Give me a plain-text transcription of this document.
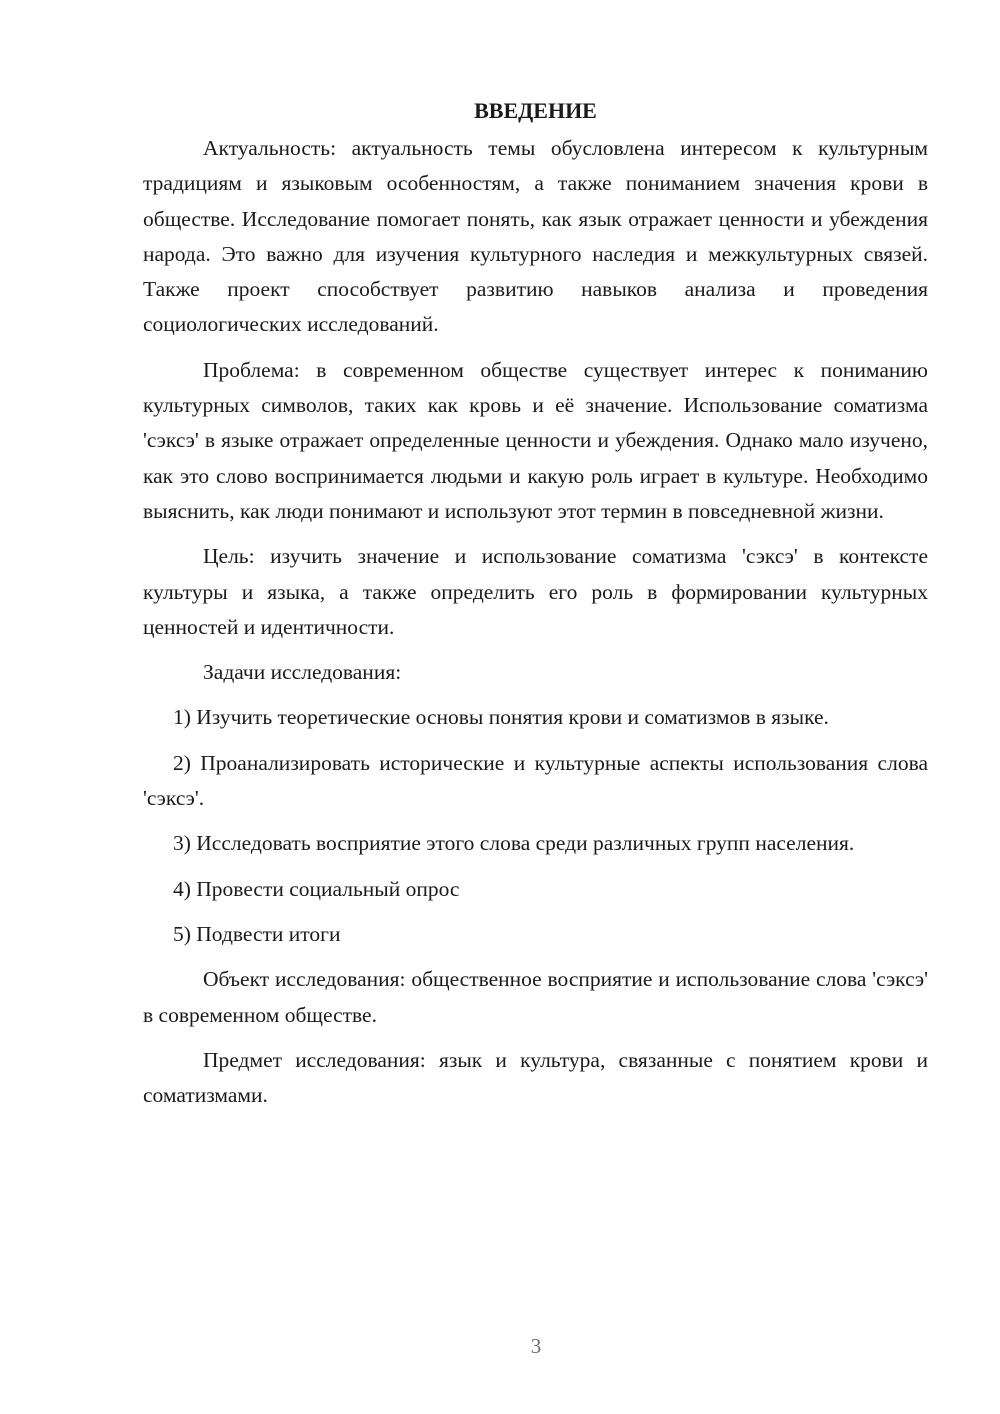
ВВЕДЕНИЕ

Актуальность: актуальность темы обусловлена интересом к культурным традициям и языковым особенностям, а также пониманием значения крови в обществе. Исследование помогает понять, как язык отражает ценности и убеждения народа. Это важно для изучения культурного наследия и межкультурных связей. Также проект способствует развитию навыков анализа и проведения социологических исследований.

Проблема: в современном обществе существует интерес к пониманию культурных символов, таких как кровь и её значение. Использование соматизма 'сэксэ' в языке отражает определенные ценности и убеждения. Однако мало изучено, как это слово воспринимается людьми и какую роль играет в культуре. Необходимо выяснить, как люди понимают и используют этот термин в повседневной жизни.

Цель: изучить значение и использование соматизма 'сэксэ' в контексте культуры и языка, а также определить его роль в формировании культурных ценностей и идентичности.

Задачи исследования:

1) Изучить теоретические основы понятия крови и соматизмов в языке.

2) Проанализировать исторические и культурные аспекты использования слова 'сэксэ'.

3) Исследовать восприятие этого слова среди различных групп населения.

4) Провести социальный опрос

5) Подвести итоги

Объект исследования: общественное восприятие и использование слова 'сэксэ' в современном обществе.

Предмет исследования: язык и культура, связанные с понятием крови и соматизмами.

3
